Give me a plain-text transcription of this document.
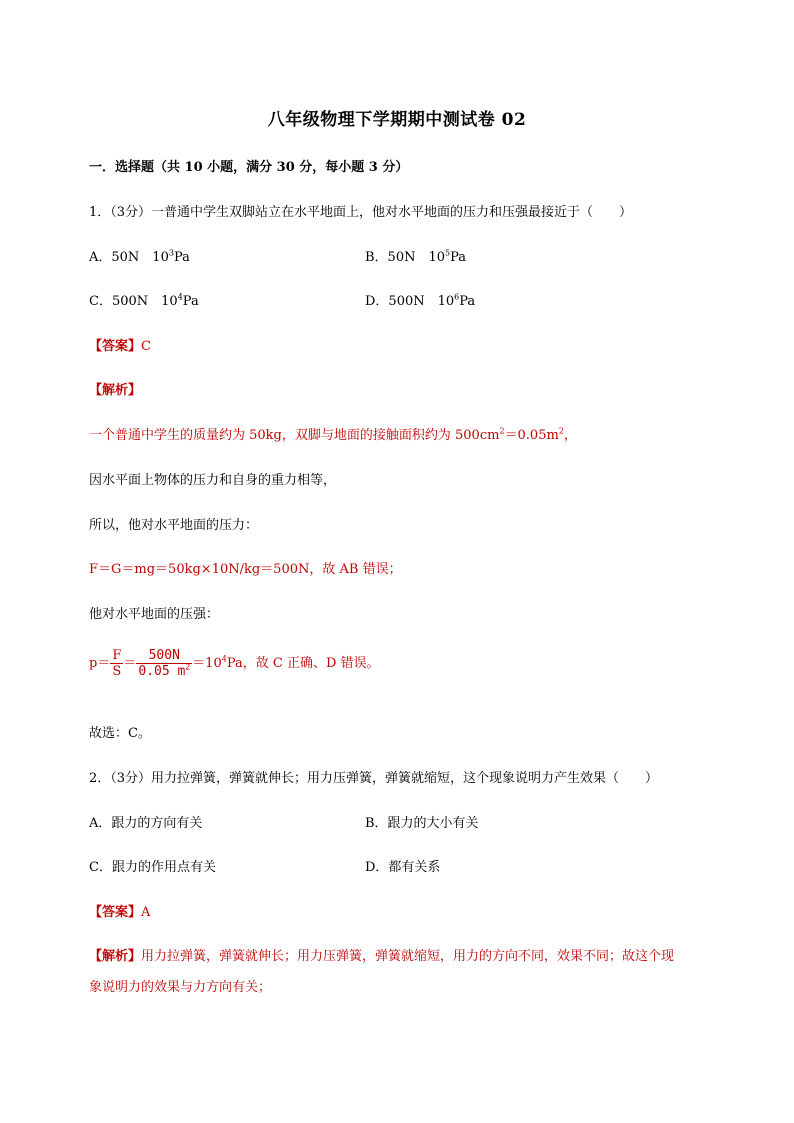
八年级物理下学期期中测试卷 02
一．选择题（共 10 小题，满分 30 分，每小题 3 分）
1．（3分）一普通中学生双脚站立在水平地面上，他对水平地面的压力和压强最接近于（　　）
A．50N　$10^3Pa$	B．50N　$10^5Pa$
C．500N　$10^4Pa$	D．500N　$10^6Pa$
【答案】C
【解析】
一个普通中学生的质量约为 50kg，双脚与地面的接触面积约为 $500cm^2=0.05m^2$，
因水平面上物体的压力和自身的重力相等，
所以，他对水平地面的压力：
F＝G＝mg＝50kg×10N/kg＝500N，故 AB 错误；
他对水平地面的压强：
$p= \frac{F}{S} = \frac{500N}{0.05 m^2} =10^4Pa$，故 C 正确、D 错误。
故选：C。
2．（3分）用力拉弹簧，弹簧就伸长；用力压弹簧，弹簧就缩短，这个现象说明力产生效果（　　）
A．跟力的方向有关	B．跟力的大小有关
C．跟力的作用点有关	D．都有关系
【答案】A
【解析】用力拉弹簧，弹簧就伸长；用力压弹簧，弹簧就缩短，用力的方向不同，效果不同；故这个现
象说明力的效果与力方向有关；
